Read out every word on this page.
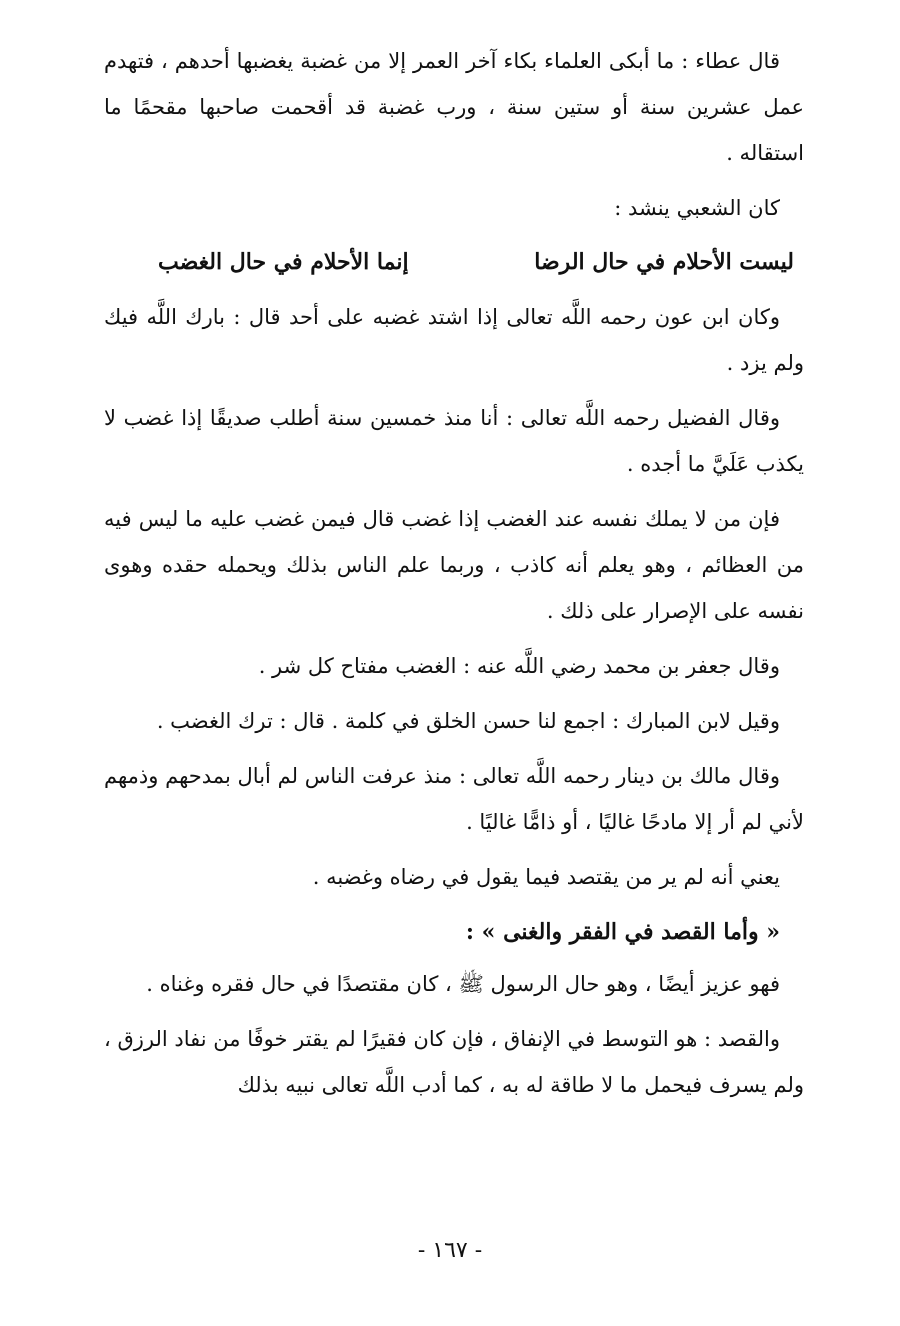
قال عطاء : ما أبكى العلماء بكاء آخر العمر إلا من غضبة يغضبها أحدهم ، فتهدم عمل عشرين سنة أو ستين سنة ، ورب غضبة قد أقحمت صاحبها مقحمًا ما استقاله .

كان الشعبي ينشد :

ليست الأحلام في حال الرضا
إنما الأحلام في حال الغضب

وكان ابن عون رحمه اللَّه تعالى إذا اشتد غضبه على أحد قال : بارك اللَّه فيك ولم يزد .

وقال الفضيل رحمه اللَّه تعالى : أنا منذ خمسين سنة أطلب صديقًا إذا غضب لا يكذب عَلَيَّ ما أجده .

فإن من لا يملك نفسه عند الغضب إذا غضب قال فيمن غضب عليه ما ليس فيه من العظائم ، وهو يعلم أنه كاذب ، وربما علم الناس بذلك ويحمله حقده وهوى نفسه على الإصرار على ذلك .

وقال جعفر بن محمد رضي اللَّه عنه : الغضب مفتاح كل شر .

وقيل لابن المبارك : اجمع لنا حسن الخلق في كلمة . قال : ترك الغضب .

وقال مالك بن دينار رحمه اللَّه تعالى : منذ عرفت الناس لم أبال بمدحهم وذمهم لأني لم أر إلا مادحًا غاليًا ، أو ذامًّا غاليًا .

يعني أنه لم ير من يقتصد فيما يقول في رضاه وغضبه .

« وأما القصد في الفقر والغنى » :

فهو عزيز أيضًا ، وهو حال الرسول ﷺ ، كان مقتصدًا في حال فقره وغناه .

والقصد : هو التوسط في الإنفاق ، فإن كان فقيرًا لم يقتر خوفًا من نفاد الرزق ، ولم يسرف فيحمل ما لا طاقة له به ، كما أدب اللَّه تعالى نبيه بذلك

- ١٦٧ -
